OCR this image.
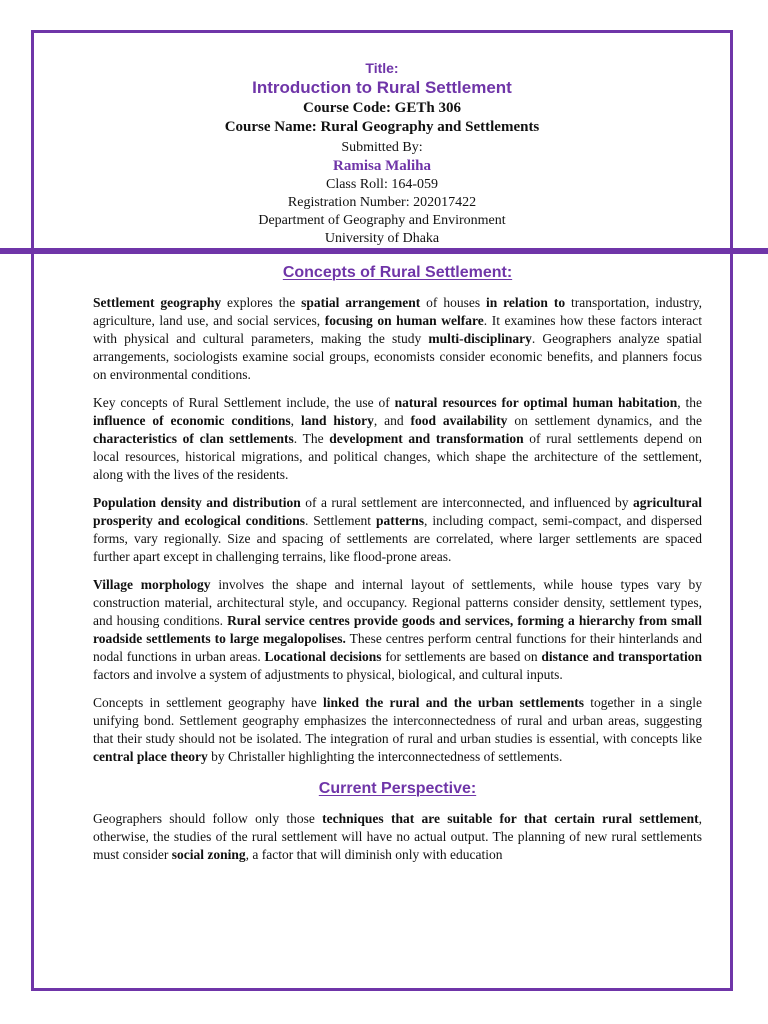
Title:
Introduction to Rural Settlement
Course Code: GETh 306
Course Name: Rural Geography and Settlements
Submitted By:
Ramisa Maliha
Class Roll: 164-059
Registration Number: 202017422
Department of Geography and Environment
University of Dhaka
Concepts of Rural Settlement:

Settlement geography explores the spatial arrangement of houses in relation to transportation, industry, agriculture, land use, and social services, focusing on human welfare. It examines how these factors interact with physical and cultural parameters, making the study multi-disciplinary. Geographers analyze spatial arrangements, sociologists examine social groups, economists consider economic benefits, and planners focus on environmental conditions.

Key concepts of Rural Settlement include, the use of natural resources for optimal human habitation, the influence of economic conditions, land history, and food availability on settlement dynamics, and the characteristics of clan settlements. The development and transformation of rural settlements depend on local resources, historical migrations, and political changes, which shape the architecture of the settlement, along with the lives of the residents.

Population density and distribution of a rural settlement are interconnected, and influenced by agricultural prosperity and ecological conditions. Settlement patterns, including compact, semi-compact, and dispersed forms, vary regionally. Size and spacing of settlements are correlated, where larger settlements are spaced further apart except in challenging terrains, like flood-prone areas.

Village morphology involves the shape and internal layout of settlements, while house types vary by construction material, architectural style, and occupancy. Regional patterns consider density, settlement types, and housing conditions. Rural service centres provide goods and services, forming a hierarchy from small roadside settlements to large megalopolises. These centres perform central functions for their hinterlands and nodal functions in urban areas. Locational decisions for settlements are based on distance and transportation factors and involve a system of adjustments to physical, biological, and cultural inputs.

Concepts in settlement geography have linked the rural and the urban settlements together in a single unifying bond. Settlement geography emphasizes the interconnectedness of rural and urban areas, suggesting that their study should not be isolated. The integration of rural and urban studies is essential, with concepts like central place theory by Christaller highlighting the interconnectedness of settlements.

Current Perspective:

Geographers should follow only those techniques that are suitable for that certain rural settlement, otherwise, the studies of the rural settlement will have no actual output. The planning of new rural settlements must consider social zoning, a factor that will diminish only with education
